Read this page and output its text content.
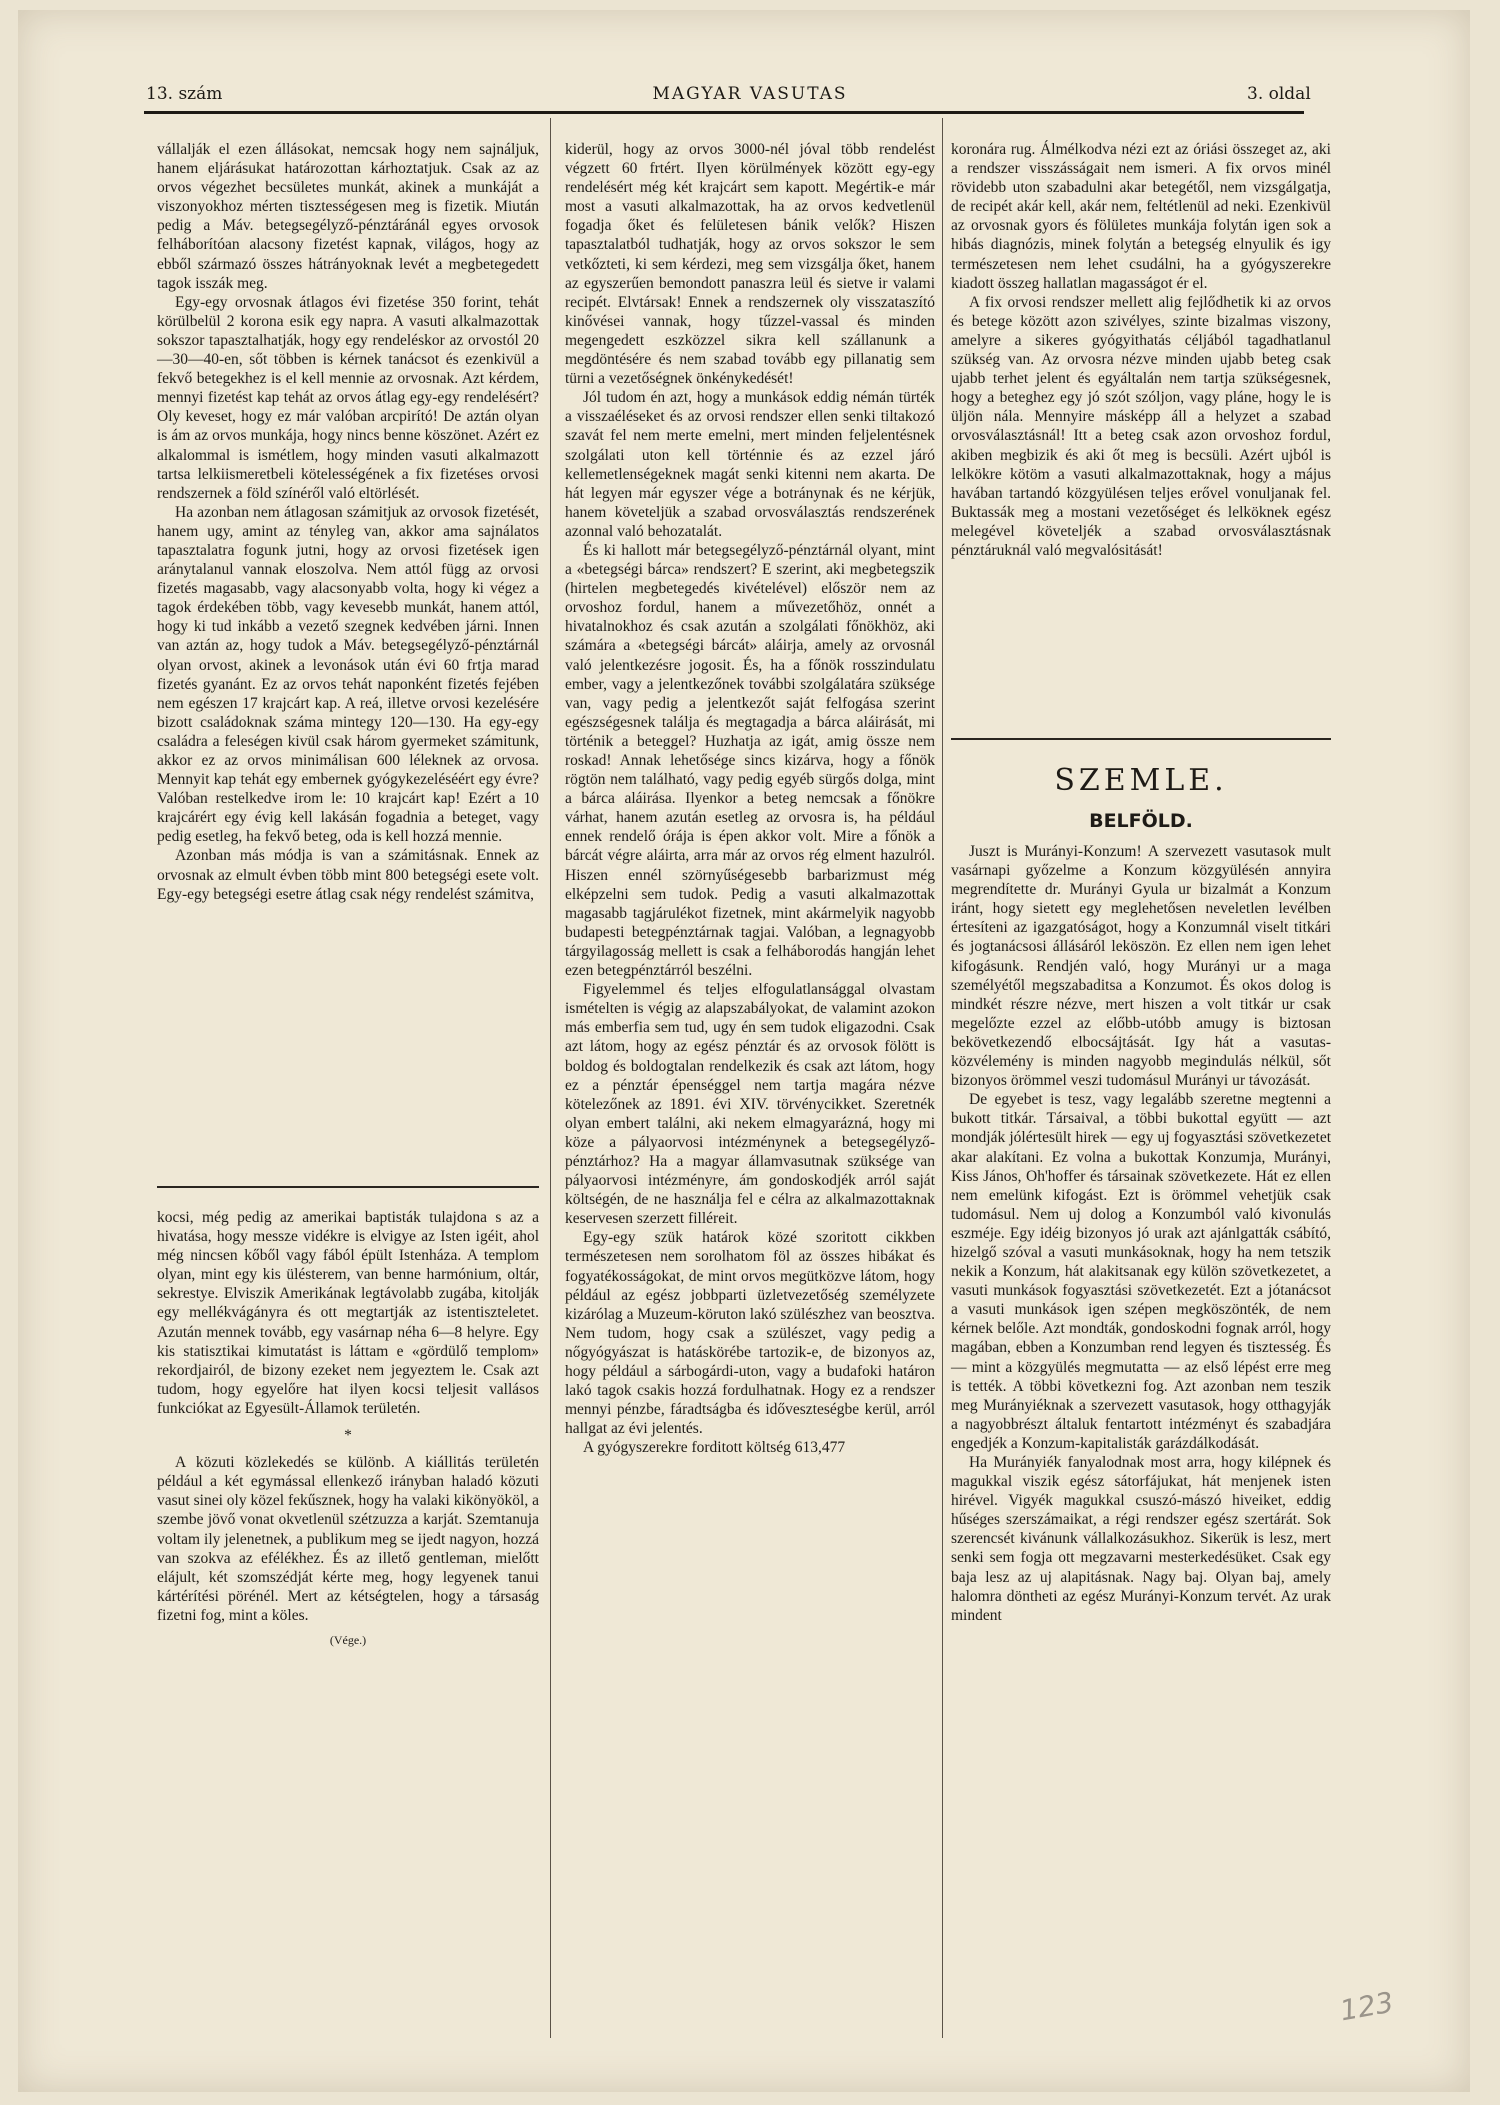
13. szám	MAGYAR VASUTAS	3. oldal

vállalják el ezen állásokat, nemcsak hogy nem sajnáljuk, hanem eljárásukat határozottan kárhoztatjuk. Csak az az orvos végezhet becsületes munkát, akinek a munkáját a viszonyokhoz mérten tisztességesen meg is fizetik. Miután pedig a Máv. betegsegélyző-pénztáránál egyes orvosok felháborítóan alacsony fizetést kapnak, világos, hogy az ebből származó összes hátrányoknak levét a megbetegedett tagok isszák meg.

Egy-egy orvosnak átlagos évi fizetése 350 forint, tehát körülbelül 2 korona esik egy napra. A vasuti alkalmazottak sokszor tapasztalhatják, hogy egy rendeléskor az orvostól 20—30—40-en, sőt többen is kérnek tanácsot és ezenkivül a fekvő betegekhez is el kell mennie az orvosnak. Azt kérdem, mennyi fizetést kap tehát az orvos átlag egy-egy rendelésért? Oly keveset, hogy ez már valóban arcpirító! De aztán olyan is ám az orvos munkája, hogy nincs benne köszönet. Azért ez alkalommal is ismétlem, hogy minden vasuti alkalmazott tartsa lelkiismeretbeli kötelességének a fix fizetéses orvosi rendszernek a föld színéről való eltörlését.

Ha azonban nem átlagosan számitjuk az orvosok fizetését, hanem ugy, amint az tényleg van, akkor ama sajnálatos tapasztalatra fogunk jutni, hogy az orvosi fizetések igen aránytalanul vannak eloszolva. Nem attól függ az orvosi fizetés magasabb, vagy alacsonyabb volta, hogy ki végez a tagok érdekében több, vagy kevesebb munkát, hanem attól, hogy ki tud inkább a vezető szegnek kedvében járni. Innen van aztán az, hogy tudok a Máv. betegsegélyző-pénztárnál olyan orvost, akinek a levonások után évi 60 frtja marad fizetés gyanánt. Ez az orvos tehát naponként fizetés fejében nem egészen 17 krajcárt kap. A reá, illetve orvosi kezelésére bizott családoknak száma mintegy 120—130. Ha egy-egy családra a feleségen kivül csak három gyermeket számitunk, akkor ez az orvos minimálisan 600 léleknek az orvosa. Mennyit kap tehát egy embernek gyógykezeléséért egy évre? Valóban restelkedve irom le: 10 krajcárt kap! Ezért a 10 krajcárért egy évig kell lakásán fogadnia a beteget, vagy pedig esetleg, ha fekvő beteg, oda is kell hozzá mennie.

Azonban más módja is van a számitásnak. Ennek az orvosnak az elmult évben több mint 800 betegségi esete volt. Egy-egy betegségi esetre átlag csak négy rendelést számitva,

kocsi, még pedig az amerikai baptisták tulajdona s az a hivatása, hogy messze vidékre is elvigye az Isten igéit, ahol még nincsen kőből vagy fából épült Istenháza. A templom olyan, mint egy kis ülésterem, van benne harmónium, oltár, sekrestye. Elviszik Amerikának legtávolabb zugába, kitolják egy mellékvágányra és ott megtartják az istentiszteletet. Azután mennek tovább, egy vasárnap néha 6—8 helyre. Egy kis statisztikai kimutatást is láttam e «gördülő templom» rekordjairól, de bizony ezeket nem jegyeztem le. Csak azt tudom, hogy egyelőre hat ilyen kocsi teljesit vallásos funkciókat az Egyesült-Államok területén.

*

A közuti közlekedés se különb. A kiállitás területén például a két egymással ellenkező irányban haladó közuti vasut sinei oly közel fekűsznek, hogy ha valaki kikönyököl, a szembe jövő vonat okvetlenül szétzuzza a karját. Szemtanuja voltam ily jelenetnek, a publikum meg se ijedt nagyon, hozzá van szokva az efélékhez. És az illető gentleman, mielőtt elájult, két szomszédját kérte meg, hogy legyenek tanui kártérítési pörénél. Mert az kétségtelen, hogy a társaság fizetni fog, mint a köles.

(Vége.)

kiderül, hogy az orvos 3000-nél jóval több rendelést végzett 60 frtért. Ilyen körülmények között egy-egy rendelésért még két krajcárt sem kapott. Megértik-e már most a vasuti alkalmazottak, ha az orvos kedvetlenül fogadja őket és felületesen bánik velők? Hiszen tapasztalatból tudhatják, hogy az orvos sokszor le sem vetkőzteti, ki sem kérdezi, meg sem vizsgálja őket, hanem az egyszerűen bemondott panaszra leül és sietve ir valami recipét. Elvtársak! Ennek a rendszernek oly visszataszító kinővései vannak, hogy tűzzel-vassal és minden megengedett eszközzel sikra kell szállanunk a megdöntésére és nem szabad tovább egy pillanatig sem türni a vezetőségnek önkénykedését!

Jól tudom én azt, hogy a munkások eddig némán türték a visszaéléseket és az orvosi rendszer ellen senki tiltakozó szavát fel nem merte emelni, mert minden feljelentésnek szolgálati uton kell történnie és az ezzel járó kellemetlenségeknek magát senki kitenni nem akarta. De hát legyen már egyszer vége a botránynak és ne kérjük, hanem követeljük a szabad orvosválasztás rendszerének azonnal való behozatalát.

És ki hallott már betegsegélyző-pénztárnál olyant, mint a «betegségi bárca» rendszert? E szerint, aki megbetegszik (hirtelen megbetegedés kivételével) először nem az orvoshoz fordul, hanem a művezetőhöz, onnét a hivatalnokhoz és csak azután a szolgálati főnökhöz, aki számára a «betegségi bárcát» aláirja, amely az orvosnál való jelentkezésre jogosit. És, ha a főnök rosszindulatu ember, vagy a jelentkezőnek további szolgálatára szüksége van, vagy pedig a jelentkezőt saját felfogása szerint egészségesnek találja és megtagadja a bárca aláirását, mi történik a beteggel? Huzhatja az igát, amig össze nem roskad! Annak lehetősége sincs kizárva, hogy a főnök rögtön nem található, vagy pedig egyéb sürgős dolga, mint a bárca aláirása. Ilyenkor a beteg nemcsak a főnökre várhat, hanem azután esetleg az orvosra is, ha például ennek rendelő órája is épen akkor volt. Mire a főnök a bárcát végre aláirta, arra már az orvos rég elment hazulról. Hiszen ennél szörnyűségesebb barbarizmust még elképzelni sem tudok. Pedig a vasuti alkalmazottak magasabb tagjárulékot fizetnek, mint akármelyik nagyobb budapesti betegpénztárnak tagjai. Valóban, a legnagyobb tárgyilagosság mellett is csak a felháborodás hangján lehet ezen betegpénztárról beszélni.

Figyelemmel és teljes elfogulatlansággal olvastam ismételten is végig az alapszabályokat, de valamint azokon más emberfia sem tud, ugy én sem tudok eligazodni. Csak azt látom, hogy az egész pénztár és az orvosok fölött is boldog és boldogtalan rendelkezik és csak azt látom, hogy ez a pénztár épenséggel nem tartja magára nézve kötelezőnek az 1891. évi XIV. törvénycikket. Szeretnék olyan embert találni, aki nekem elmagyarázná, hogy mi köze a pályaorvosi intézménynek a betegsegélyző-pénztárhoz? Ha a magyar államvasutnak szüksége van pályaorvosi intézményre, ám gondoskodjék arról saját költségén, de ne használja fel e célra az alkalmazottaknak keservesen szerzett filléreit.

Egy-egy szük határok közé szoritott cikkben természetesen nem sorolhatom föl az összes hibákat és fogyatékosságokat, de mint orvos megütközve látom, hogy például az egész jobbparti üzletvezetőség személyzete kizárólag a Muzeum-köruton lakó szülészhez van beosztva. Nem tudom, hogy csak a szülészet, vagy pedig a nőgyógyászat is hatáskörébe tartozik-e, de bizonyos az, hogy például a sárbogárdi-uton, vagy a budafoki határon lakó tagok csakis hozzá fordulhatnak. Hogy ez a rendszer mennyi pénzbe, fáradtságba és időveszteségbe kerül, arról hallgat az évi jelentés.

A gyógyszerekre forditott költség 613,477

koronára rug. Álmélkodva nézi ezt az óriási összeget az, aki a rendszer visszásságait nem ismeri. A fix orvos minél rövidebb uton szabadulni akar betegétől, nem vizsgálgatja, de recipét akár kell, akár nem, feltétlenül ad neki. Ezenkivül az orvosnak gyors és fölületes munkája folytán igen sok a hibás diagnózis, minek folytán a betegség elnyulik és igy természetesen nem lehet csudálni, ha a gyógyszerekre kiadott összeg hallatlan magasságot ér el.

A fix orvosi rendszer mellett alig fejlődhetik ki az orvos és betege között azon szivélyes, szinte bizalmas viszony, amelyre a sikeres gyógyithatás céljából tagadhatlanul szükség van. Az orvosra nézve minden ujabb beteg csak ujabb terhet jelent és egyáltalán nem tartja szükségesnek, hogy a beteghez egy jó szót szóljon, vagy pláne, hogy le is üljön nála. Mennyire másképp áll a helyzet a szabad orvosválasztásnál! Itt a beteg csak azon orvoshoz fordul, akiben megbizik és aki őt meg is becsüli. Azért ujból is lelkökre kötöm a vasuti alkalmazottaknak, hogy a május havában tartandó közgyülésen teljes erővel vonuljanak fel. Buktassák meg a mostani vezetőséget és lelköknek egész melegével követeljék a szabad orvosválasztásnak pénztáruknál való megvalósitását!

SZEMLE.
BELFÖLD.

Juszt is Murányi-Konzum! A szervezett vasutasok mult vasárnapi győzelme a Konzum közgyülésén annyira megrendítette dr. Murányi Gyula ur bizalmát a Konzum iránt, hogy sietett egy meglehetősen neveletlen levélben értesíteni az igazgatóságot, hogy a Konzumnál viselt titkári és jogtanácsosi állásáról leköszön. Ez ellen nem igen lehet kifogásunk. Rendjén való, hogy Murányi ur a maga személyétől megszabaditsa a Konzumot. És okos dolog is mindkét részre nézve, mert hiszen a volt titkár ur csak megelőzte ezzel az előbb-utóbb amugy is biztosan bekövetkezendő elbocsájtását. Igy hát a vasutas-közvélemény is minden nagyobb megindulás nélkül, sőt bizonyos örömmel veszi tudomásul Murányi ur távozását.

De egyebet is tesz, vagy legalább szeretne megtenni a bukott titkár. Társaival, a többi bukottal együtt — azt mondják jólértesült hirek — egy uj fogyasztási szövetkezetet akar alakítani. Ez volna a bukottak Konzumja, Murányi, Kiss János, Oh'hoffer és társainak szövetkezete. Hát ez ellen nem emelünk kifogást. Ezt is örömmel vehetjük csak tudomásul. Nem uj dolog a Konzumból való kivonulás eszméje. Egy idéig bizonyos jó urak azt ajánlgatták csábító, hizelgő szóval a vasuti munkásoknak, hogy ha nem tetszik nekik a Konzum, hát alakitsanak egy külön szövetkezetet, a vasuti munkások fogyasztási szövetkezetét. Ezt a jótanácsot a vasuti munkások igen szépen megköszönték, de nem kérnek belőle. Azt mondták, gondoskodni fognak arról, hogy magában, ebben a Konzumban rend legyen és tisztesség. És — mint a közgyülés megmutatta — az első lépést erre meg is tették. A többi következni fog. Azt azonban nem teszik meg Murányiéknak a szervezett vasutasok, hogy otthagyják a nagyobbrészt általuk fentartott intézményt és szabadjára engedjék a Konzum-kapitalisták garázdálkodását.

Ha Murányiék fanyalodnak most arra, hogy kilépnek és magukkal viszik egész sátorfájukat, hát menjenek isten hirével. Vigyék magukkal csuszó-mászó hiveiket, eddig hűséges szerszámaikat, a régi rendszer egész szertárát. Sok szerencsét kivánunk vállalkozásukhoz. Sikerük is lesz, mert senki sem fogja ott megzavarni mesterkedésüket. Csak egy baja lesz az uj alapitásnak. Nagy baj. Olyan baj, amely halomra döntheti az egész Murányi-Konzum tervét. Az urak mindent

123
